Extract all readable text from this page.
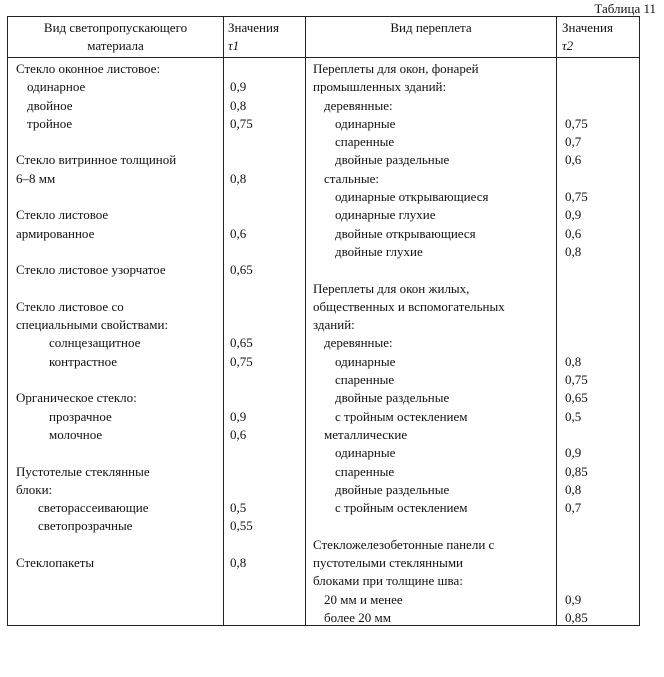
Таблица 11
Вид светопропускающего
материала
Значения
τ1
Вид переплета	Значения
τ2
Стекло оконное листовое:
одинарное
двойное
тройное
Стекло витринное толщиной
6–8 мм
Стекло листовое
армированное
Стекло листовое узорчатое
Стекло листовое со
специальными свойствами:
солнцезащитное
контрастное
Органическое стекло:
прозрачное
молочное
Пустотелые стеклянные
блоки:
светорассеивающие
светопрозрачные
Стеклопакеты
0,9
0,8
0,75
0,8
0,6
0,65
0,65
0,75
0,9
0,6
0,5
0,55
0,8
Переплеты для окон, фонарей
промышленных зданий:
деревянные:
одинарные
спаренные
двойные раздельные
стальные:
одинарные открывающиеся
одинарные глухие
двойные открывающиеся
двойные глухие
Переплеты для окон жилых,
общественных и вспомогательных
зданий:
деревянные:
одинарные
спаренные
двойные раздельные
с тройным остеклением
металлические
одинарные
спаренные
двойные раздельные
с тройным остеклением
Стекложелезобетонные панели с
пустотелыми стеклянными
блоками при толщине шва:
20 мм и менее
более 20 мм
0,75
0,7
0,6
0,75
0,9
0,6
0,8
0,8
0,75
0,65
0,5
0,9
0,85
0,8
0,7
0,9
0,85
